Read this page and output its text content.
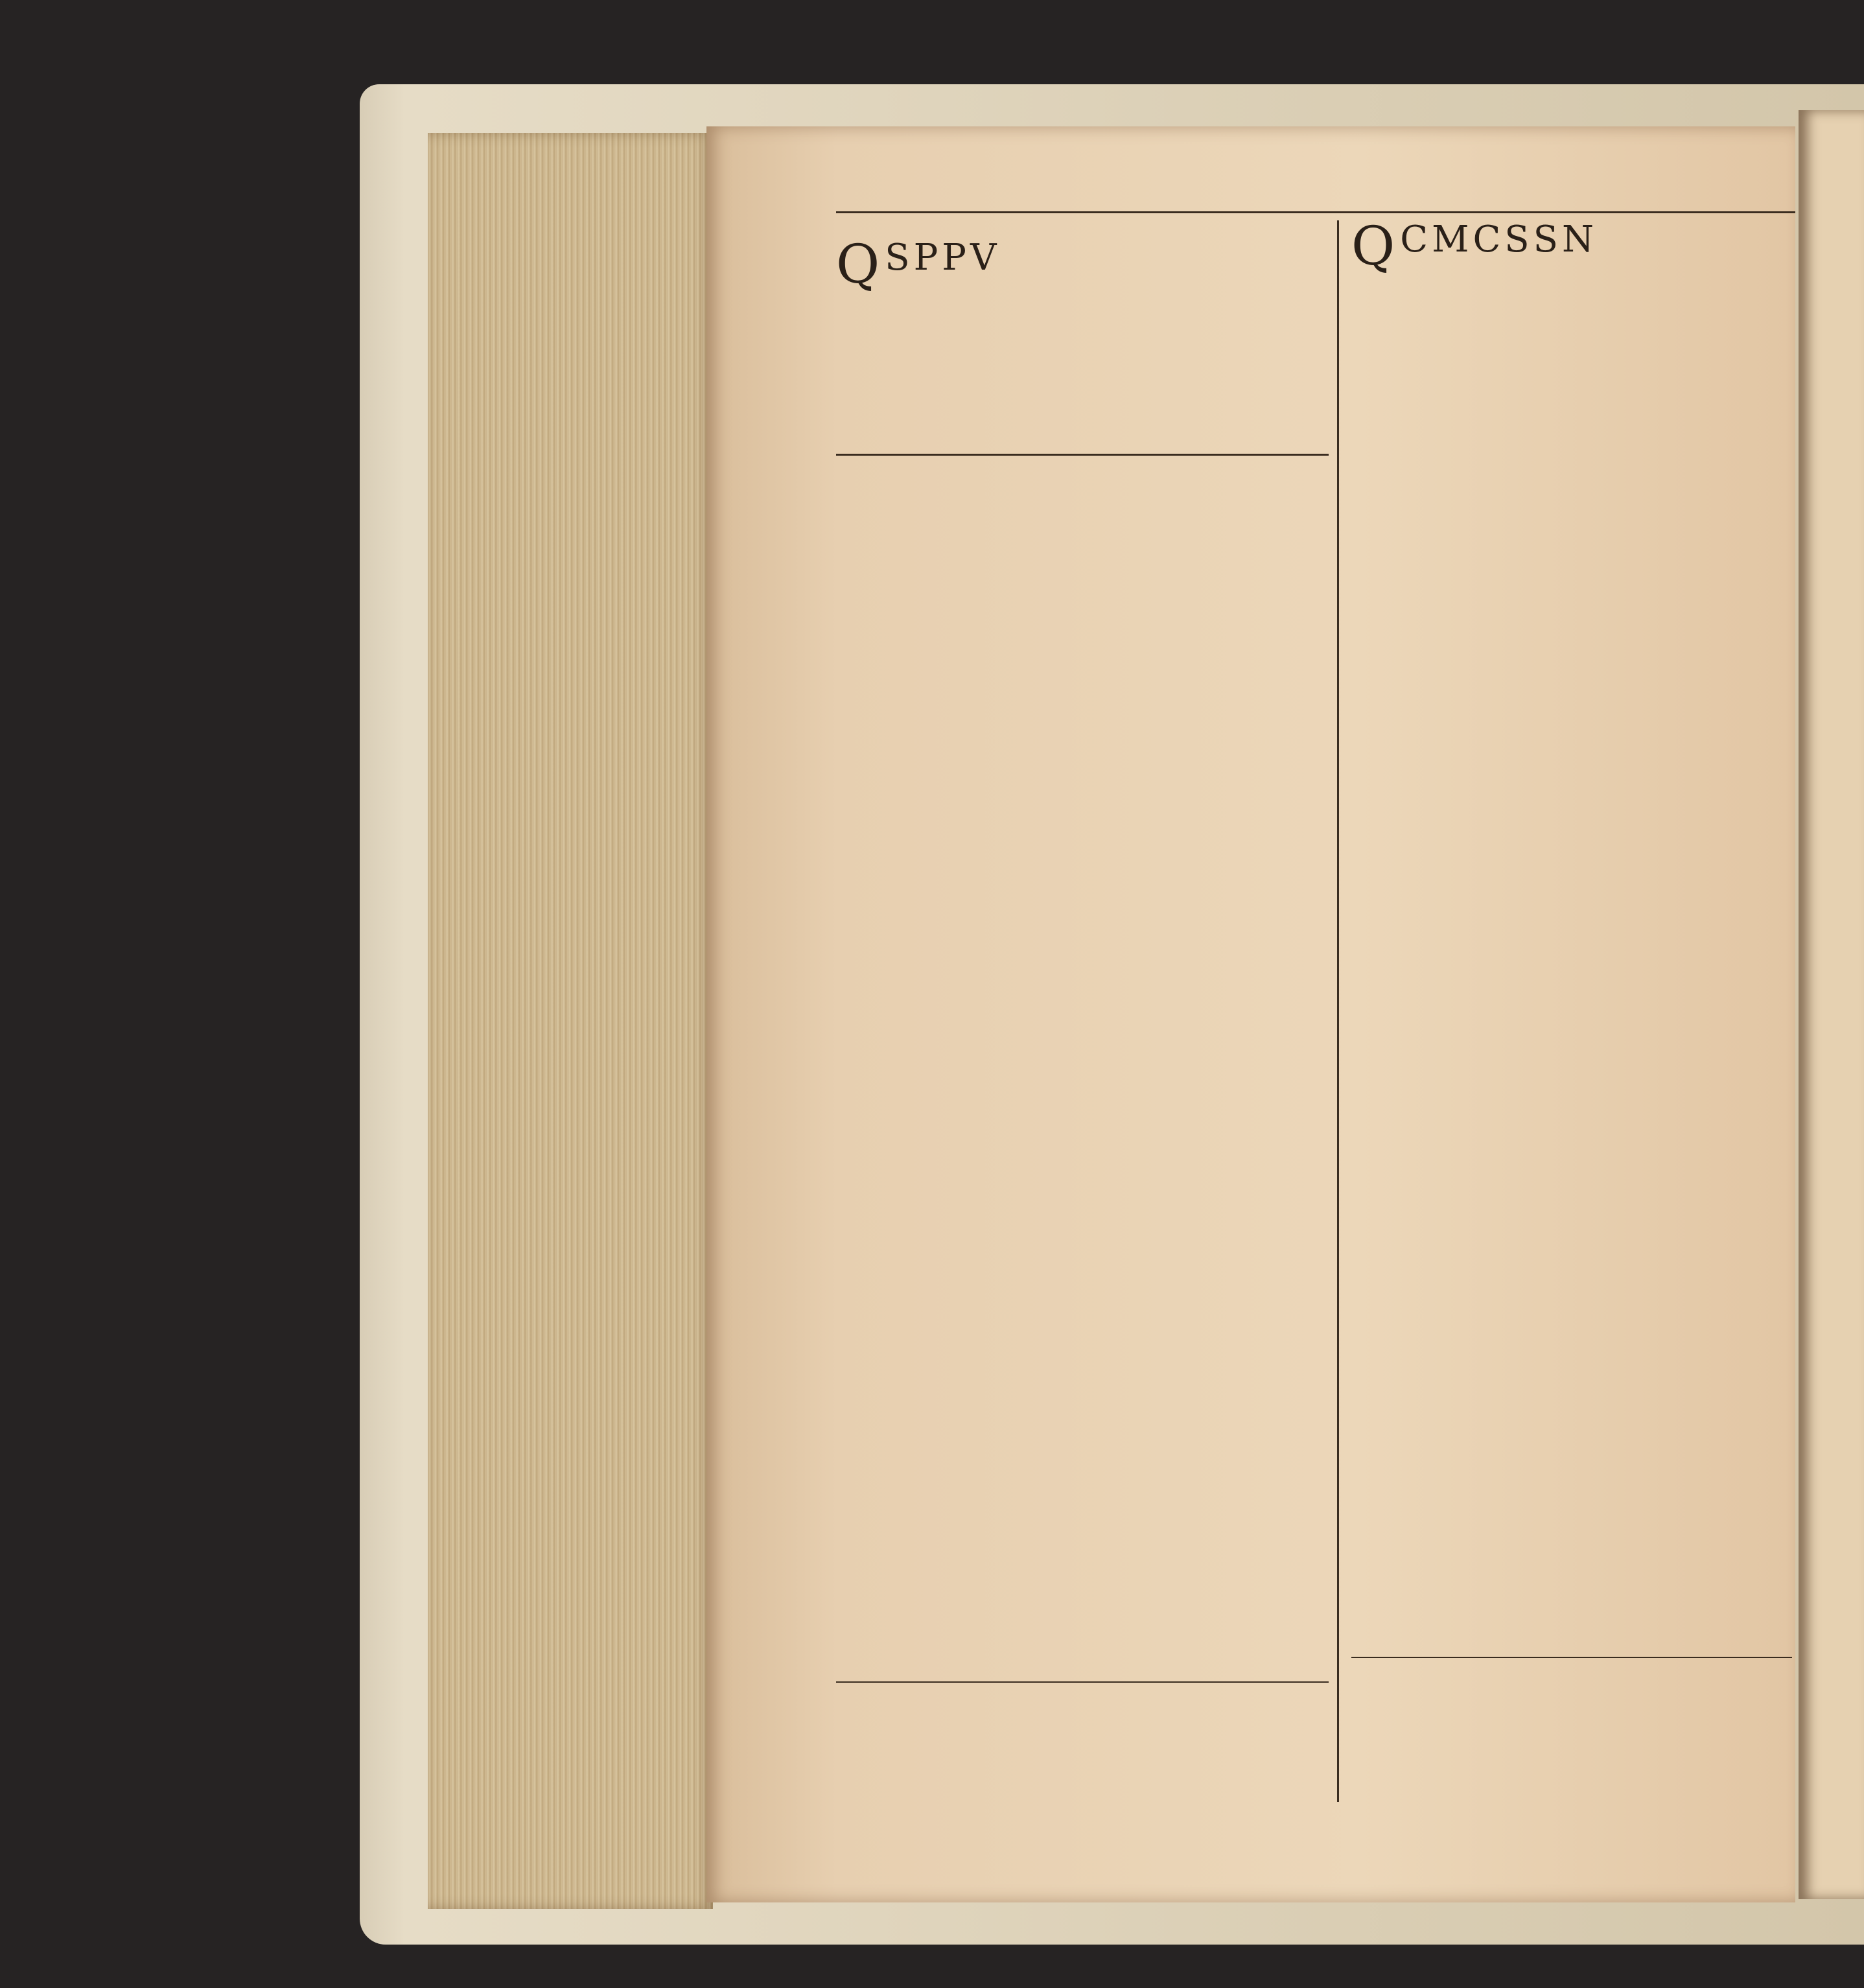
Q S P P V	Q C M C S S N
